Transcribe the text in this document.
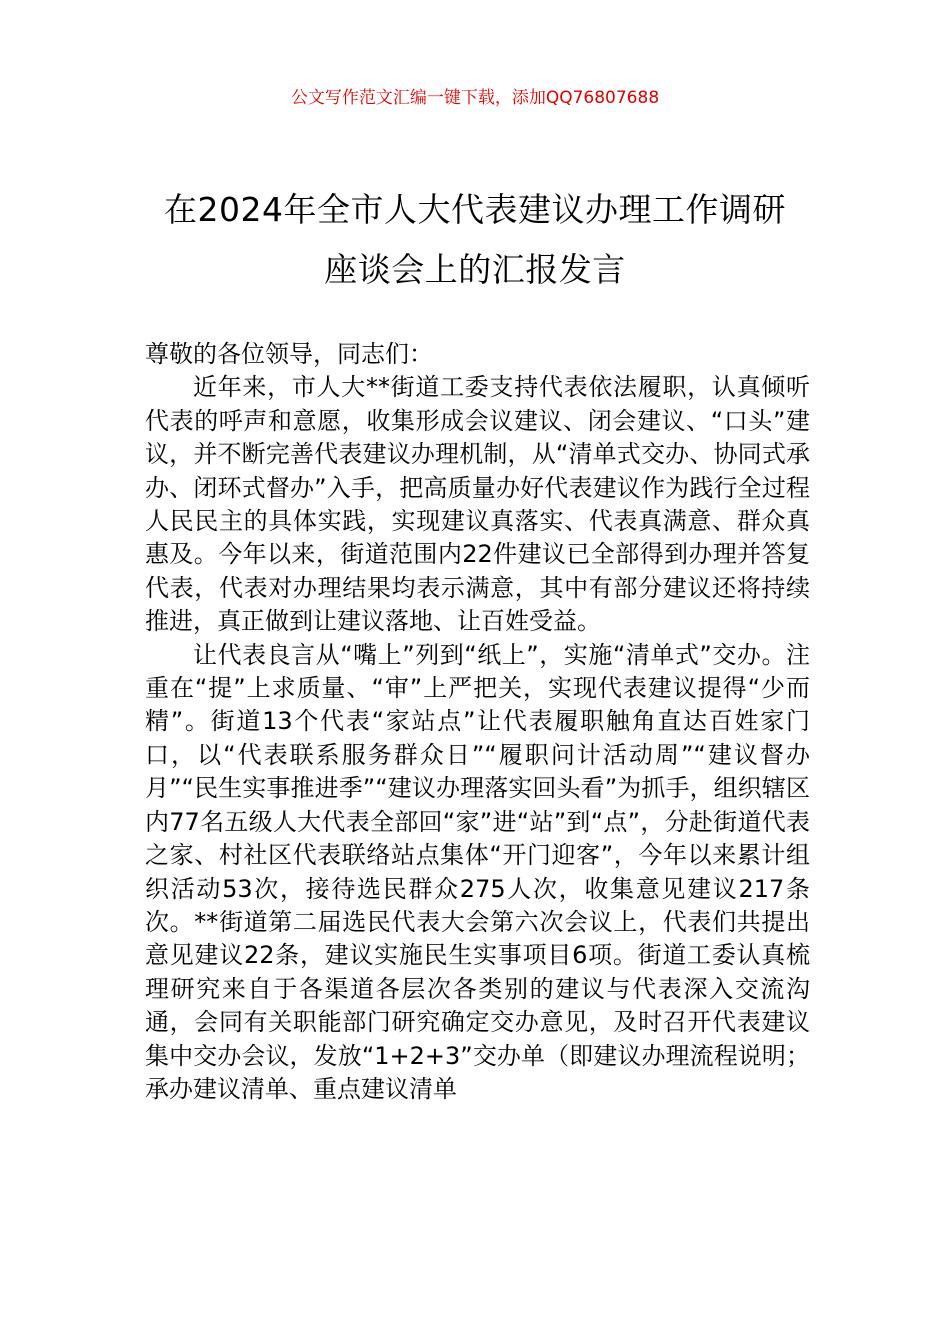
公文写作范文汇编一键下载，添加QQ76807688
在2024年全市人大代表建议办理工作调研
座谈会上的汇报发言

尊敬的各位领导，同志们：

近年来，市人大**街道工委支持代表依法履职，认真倾听代表的呼声和意愿，收集形成会议建议、闭会建议、“口头”建议，并不断完善代表建议办理机制，从“清单式交办、协同式承办、闭环式督办”入手，把高质量办好代表建议作为践行全过程人民民主的具体实践，实现建议真落实、代表真满意、群众真惠及。今年以来，街道范围内22件建议已全部得到办理并答复代表，代表对办理结果均表示满意，其中有部分建议还将持续推进，真正做到让建议落地、让百姓受益。

让代表良言从“嘴上”列到“纸上”，实施“清单式”交办。注重在“提”上求质量、“审”上严把关，实现代表建议提得“少而精”。街道13个代表“家站点”让代表履职触角直达百姓家门口，以“代表联系服务群众日”“履职问计活动周”“建议督办月”“民生实事推进季”“建议办理落实回头看”为抓手，组织辖区内77名五级人大代表全部回“家”进“站”到“点”，分赴街道代表之家、村社区代表联络站点集体“开门迎客”，今年以来累计组织活动53次，接待选民群众275人次，收集意见建议217条次。**街道第二届选民代表大会第六次会议上，代表们共提出意见建议22条，建议实施民生实事项目6项。街道工委认真梳理研究来自于各渠道各层次各类别的建议与代表深入交流沟通，会同有关职能部门研究确定交办意见，及时召开代表建议集中交办会议，发放“1+2+3”交办单（即建议办理流程说明；承办建议清单、重点建议清单
